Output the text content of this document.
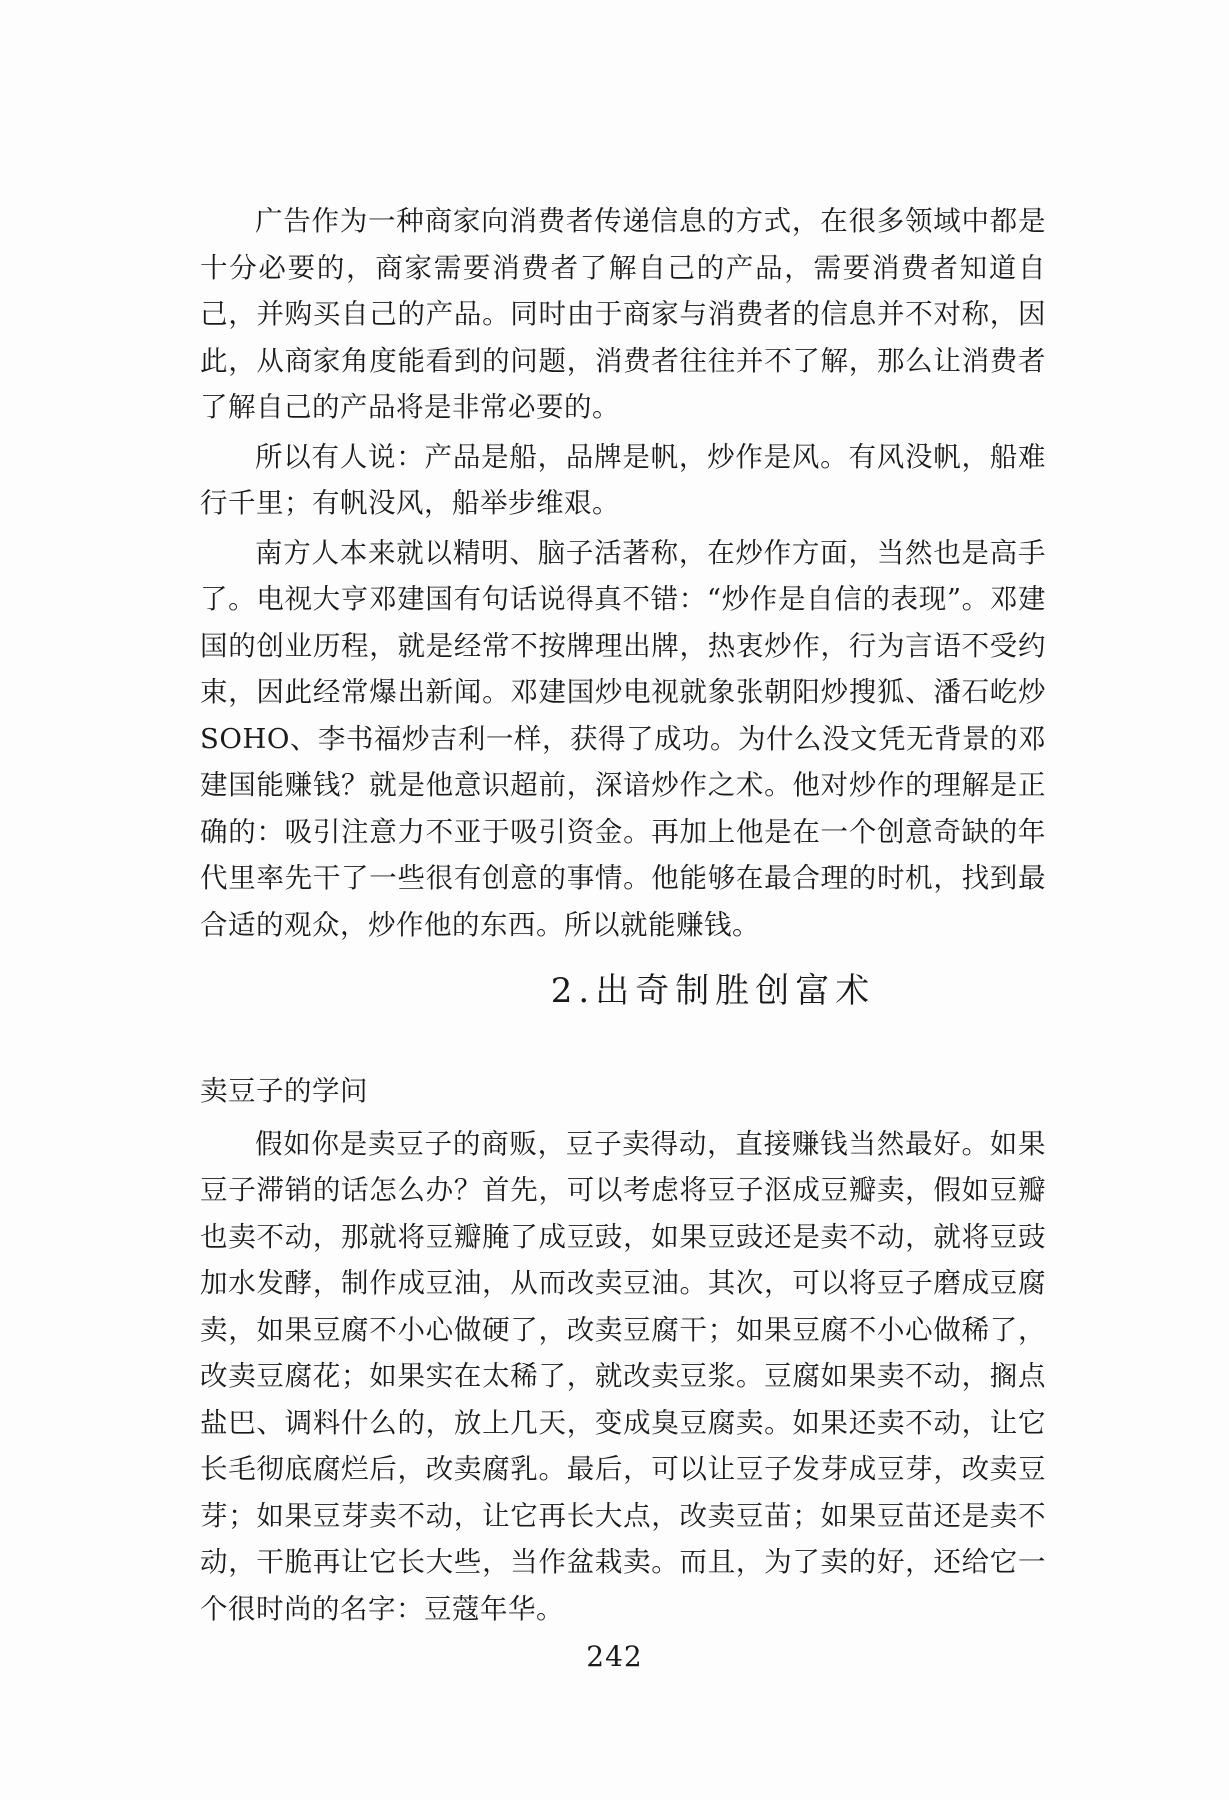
广告作为一种商家向消费者传递信息的方式，在很多领域中都是十分必要的，商家需要消费者了解自己的产品，需要消费者知道自己，并购买自己的产品。同时由于商家与消费者的信息并不对称，因此，从商家角度能看到的问题，消费者往往并不了解，那么让消费者了解自己的产品将是非常必要的。

所以有人说：产品是船，品牌是帆，炒作是风。有风没帆，船难行千里；有帆没风，船举步维艰。

南方人本来就以精明、脑子活著称，在炒作方面，当然也是高手了。电视大亨邓建国有句话说得真不错：“炒作是自信的表现”。邓建国的创业历程，就是经常不按牌理出牌，热衷炒作，行为言语不受约束，因此经常爆出新闻。邓建国炒电视就象张朝阳炒搜狐、潘石屹炒 SOHO、李书福炒吉利一样，获得了成功。为什么没文凭无背景的邓建国能赚钱？就是他意识超前，深谙炒作之术。他对炒作的理解是正确的：吸引注意力不亚于吸引资金。再加上他是在一个创意奇缺的年代里率先干了一些很有创意的事情。他能够在最合理的时机，找到最合适的观众，炒作他的东西。所以就能赚钱。

2.出奇制胜创富术
卖豆子的学问

假如你是卖豆子的商贩，豆子卖得动，直接赚钱当然最好。如果豆子滞销的话怎么办？首先，可以考虑将豆子沤成豆瓣卖，假如豆瓣也卖不动，那就将豆瓣腌了成豆豉，如果豆豉还是卖不动，就将豆豉加水发酵，制作成豆油，从而改卖豆油。其次，可以将豆子磨成豆腐卖，如果豆腐不小心做硬了，改卖豆腐干；如果豆腐不小心做稀了，改卖豆腐花；如果实在太稀了，就改卖豆浆。豆腐如果卖不动，搁点盐巴、调料什么的，放上几天，变成臭豆腐卖。如果还卖不动，让它长毛彻底腐烂后，改卖腐乳。最后，可以让豆子发芽成豆芽，改卖豆芽；如果豆芽卖不动，让它再长大点，改卖豆苗；如果豆苗还是卖不动，干脆再让它长大些，当作盆栽卖。而且，为了卖的好，还给它一个很时尚的名字：豆蔻年华。

242
